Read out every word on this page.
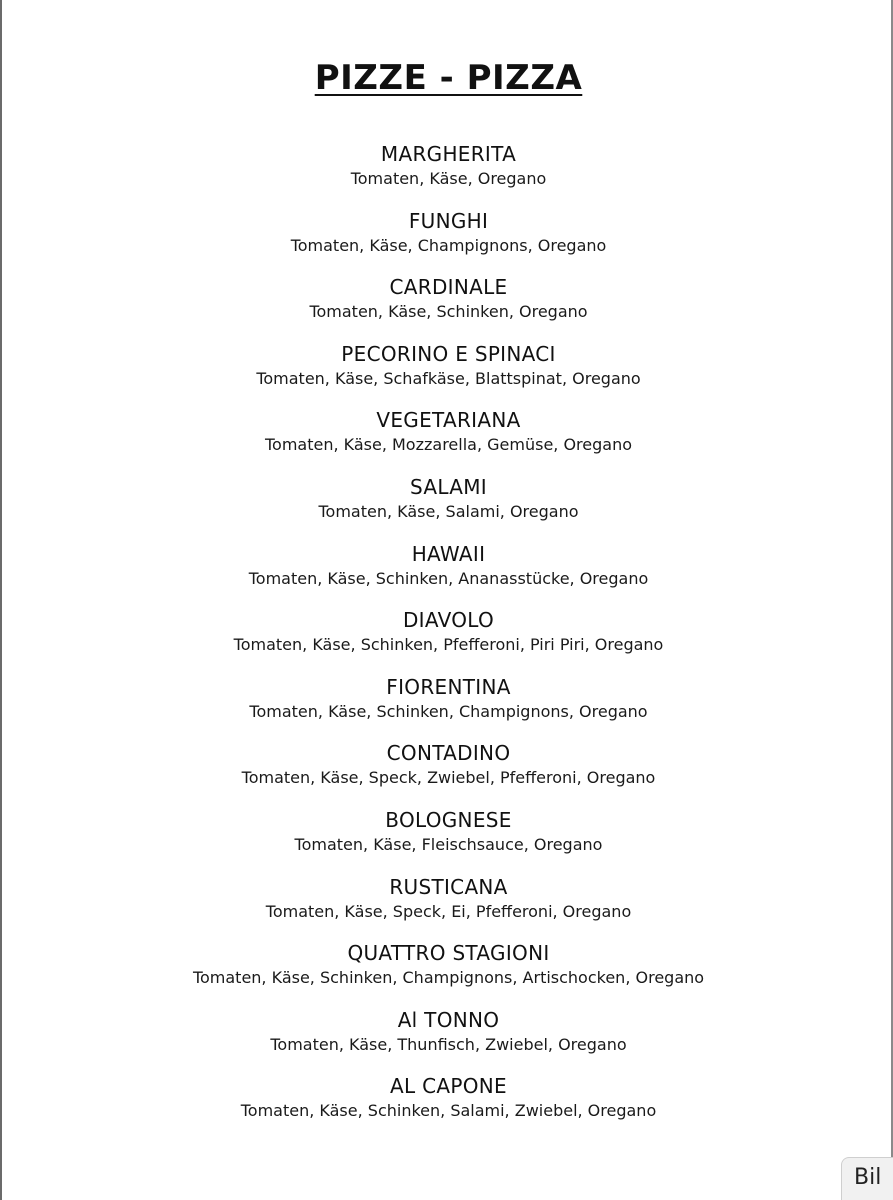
PIZZE - PIZZA
MARGHERITA
Tomaten, Käse, Oregano
FUNGHI
Tomaten, Käse, Champignons, Oregano
CARDINALE
Tomaten, Käse, Schinken, Oregano
PECORINO E SPINACI
Tomaten, Käse, Schafkäse, Blattspinat, Oregano
VEGETARIANA
Tomaten, Käse, Mozzarella, Gemüse, Oregano
SALAMI
Tomaten, Käse, Salami, Oregano
HAWAII
Tomaten, Käse, Schinken, Ananasstücke, Oregano
DIAVOLO
Tomaten, Käse, Schinken, Pfefferoni, Piri Piri, Oregano
FIORENTINA
Tomaten, Käse, Schinken, Champignons, Oregano
CONTADINO
Tomaten, Käse, Speck, Zwiebel, Pfefferoni, Oregano
BOLOGNESE
Tomaten, Käse, Fleischsauce, Oregano
RUSTICANA
Tomaten, Käse, Speck, Ei, Pfefferoni, Oregano
QUATTRO STAGIONI
Tomaten, Käse, Schinken, Champignons, Artischocken, Oregano
Al TONNO
Tomaten, Käse, Thunfisch, Zwiebel, Oregano
AL CAPONE
Tomaten, Käse, Schinken, Salami, Zwiebel, Oregano
Bil
